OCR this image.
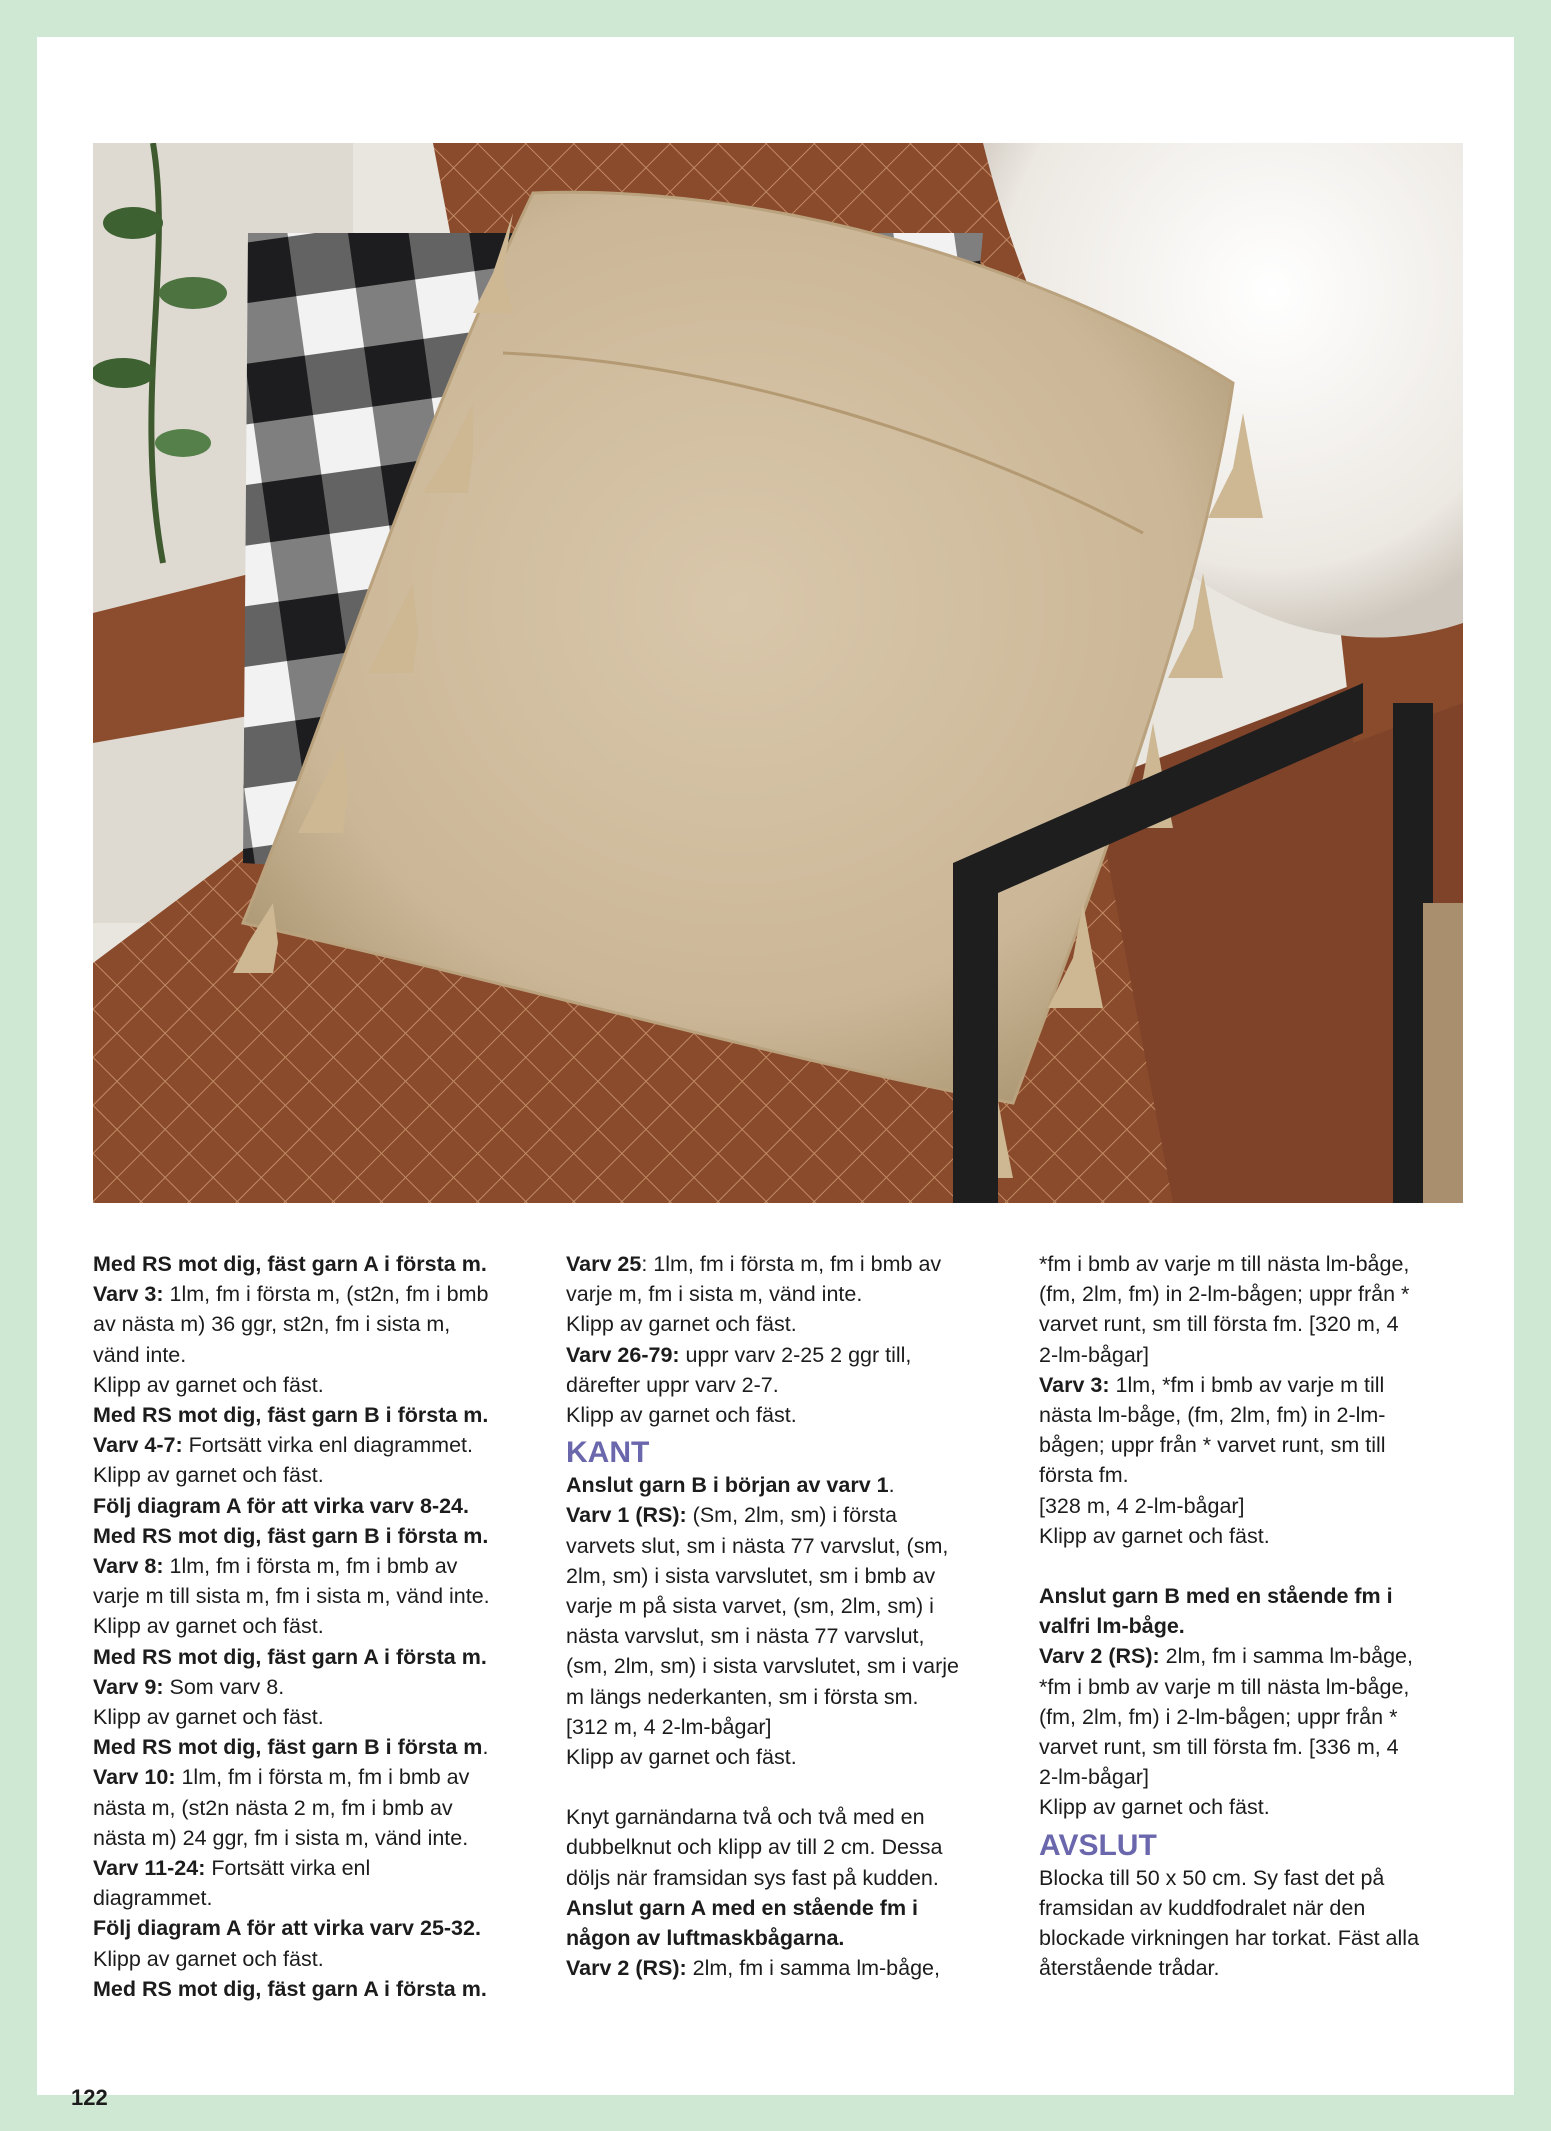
Med RS mot dig, fäst garn A i första m.
Varv 3: 1lm, fm i första m, (st2n, fm i bmb
av nästa m) 36 ggr, st2n, fm i sista m,
vänd inte.
Klipp av garnet och fäst.
Med RS mot dig, fäst garn B i första m.
Varv 4-7: Fortsätt virka enl diagrammet.
Klipp av garnet och fäst.
Följ diagram A för att virka varv 8-24.
Med RS mot dig, fäst garn B i första m.
Varv 8: 1lm, fm i första m, fm i bmb av
varje m till sista m, fm i sista m, vänd inte.
Klipp av garnet och fäst.
Med RS mot dig, fäst garn A i första m.
Varv 9: Som varv 8.
Klipp av garnet och fäst.
Med RS mot dig, fäst garn B i första m.
Varv 10: 1lm, fm i första m, fm i bmb av
nästa m, (st2n nästa 2 m, fm i bmb av
nästa m) 24 ggr, fm i sista m, vänd inte.
Varv 11-24: Fortsätt virka enl
diagrammet.
Följ diagram A för att virka varv 25-32.
Klipp av garnet och fäst.
Med RS mot dig, fäst garn A i första m.
Varv 25: 1lm, fm i första m, fm i bmb av
varje m, fm i sista m, vänd inte.
Klipp av garnet och fäst.
Varv 26-79: uppr varv 2-25 2 ggr till,
därefter uppr varv 2-7.
Klipp av garnet och fäst.
KANT
Anslut garn B i början av varv 1.
Varv 1 (RS): (Sm, 2lm, sm) i första
varvets slut, sm i nästa 77 varvslut, (sm,
2lm, sm) i sista varvslutet, sm i bmb av
varje m på sista varvet, (sm, 2lm, sm) i
nästa varvslut, sm i nästa 77 varvslut,
(sm, 2lm, sm) i sista varvslutet, sm i varje
m längs nederkanten, sm i första sm.
[312 m, 4 2-lm-bågar]
Klipp av garnet och fäst.
Knyt garnändarna två och två med en
dubbelknut och klipp av till 2 cm. Dessa
döljs när framsidan sys fast på kudden.
Anslut garn A med en stående fm i
någon av luftmaskbågarna.
Varv 2 (RS): 2lm, fm i samma lm-båge,
*fm i bmb av varje m till nästa lm-båge,
(fm, 2lm, fm) in 2-lm-bågen; uppr från *
varvet runt, sm till första fm. [320 m, 4
2-lm-bågar]
Varv 3: 1lm, *fm i bmb av varje m till
nästa lm-båge, (fm, 2lm, fm) in 2-lm-
bågen; uppr från * varvet runt, sm till
första fm.
[328 m, 4 2-lm-bågar]
Klipp av garnet och fäst.
Anslut garn B med en stående fm i
valfri lm-båge.
Varv 2 (RS): 2lm, fm i samma lm-båge,
*fm i bmb av varje m till nästa lm-båge,
(fm, 2lm, fm) i 2-lm-bågen; uppr från *
varvet runt, sm till första fm. [336 m, 4
2-lm-bågar]
Klipp av garnet och fäst.
AVSLUT
Blocka till 50 x 50 cm. Sy fast det på
framsidan av kuddfodralet när den
blockade virkningen har torkat. Fäst alla
återstående trådar.
122
